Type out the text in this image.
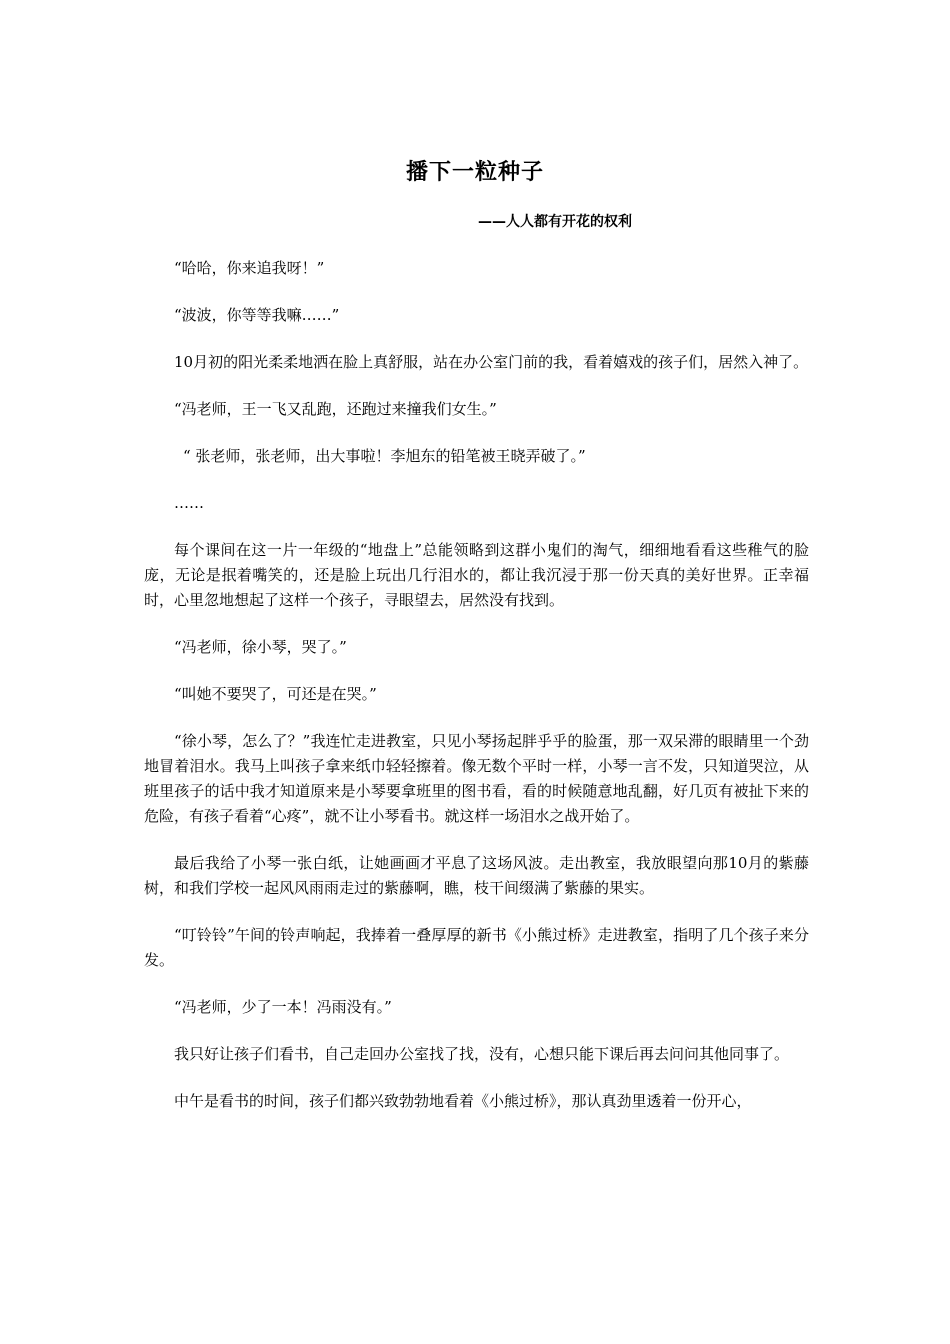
播下一粒种子
——人人都有开花的权利

“哈哈，你来追我呀！”

“波波，你等等我嘛……”

10月初的阳光柔柔地洒在脸上真舒服，站在办公室门前的我，看着嬉戏的孩子们，居然入神了。

“冯老师，王一飞又乱跑，还跑过来撞我们女生。”

“ 张老师，张老师，出大事啦！李旭东的铅笔被王晓弄破了。”

……

每个课间在这一片一年级的“地盘上”总能领略到这群小鬼们的淘气，细细地看看这些稚气的脸庞，无论是抿着嘴笑的，还是脸上玩出几行泪水的，都让我沉浸于那一份天真的美好世界。正幸福时，心里忽地想起了这样一个孩子，寻眼望去，居然没有找到。

“冯老师，徐小琴，哭了。”

“叫她不要哭了，可还是在哭。”

“徐小琴，怎么了？”我连忙走进教室，只见小琴扬起胖乎乎的脸蛋，那一双呆滞的眼睛里一个劲地冒着泪水。我马上叫孩子拿来纸巾轻轻擦着。像无数个平时一样，小琴一言不发，只知道哭泣，从班里孩子的话中我才知道原来是小琴要拿班里的图书看，看的时候随意地乱翻，好几页有被扯下来的危险，有孩子看着“心疼”，就不让小琴看书。就这样一场泪水之战开始了。

最后我给了小琴一张白纸，让她画画才平息了这场风波。走出教室，我放眼望向那10月的紫藤树，和我们学校一起风风雨雨走过的紫藤啊，瞧，枝干间缀满了紫藤的果实。

“叮铃铃”午间的铃声响起，我捧着一叠厚厚的新书《小熊过桥》走进教室，指明了几个孩子来分发。

“冯老师，少了一本！冯雨没有。”

我只好让孩子们看书，自己走回办公室找了找，没有，心想只能下课后再去问问其他同事了。

中午是看书的时间，孩子们都兴致勃勃地看着《小熊过桥》，那认真劲里透着一份开心，
